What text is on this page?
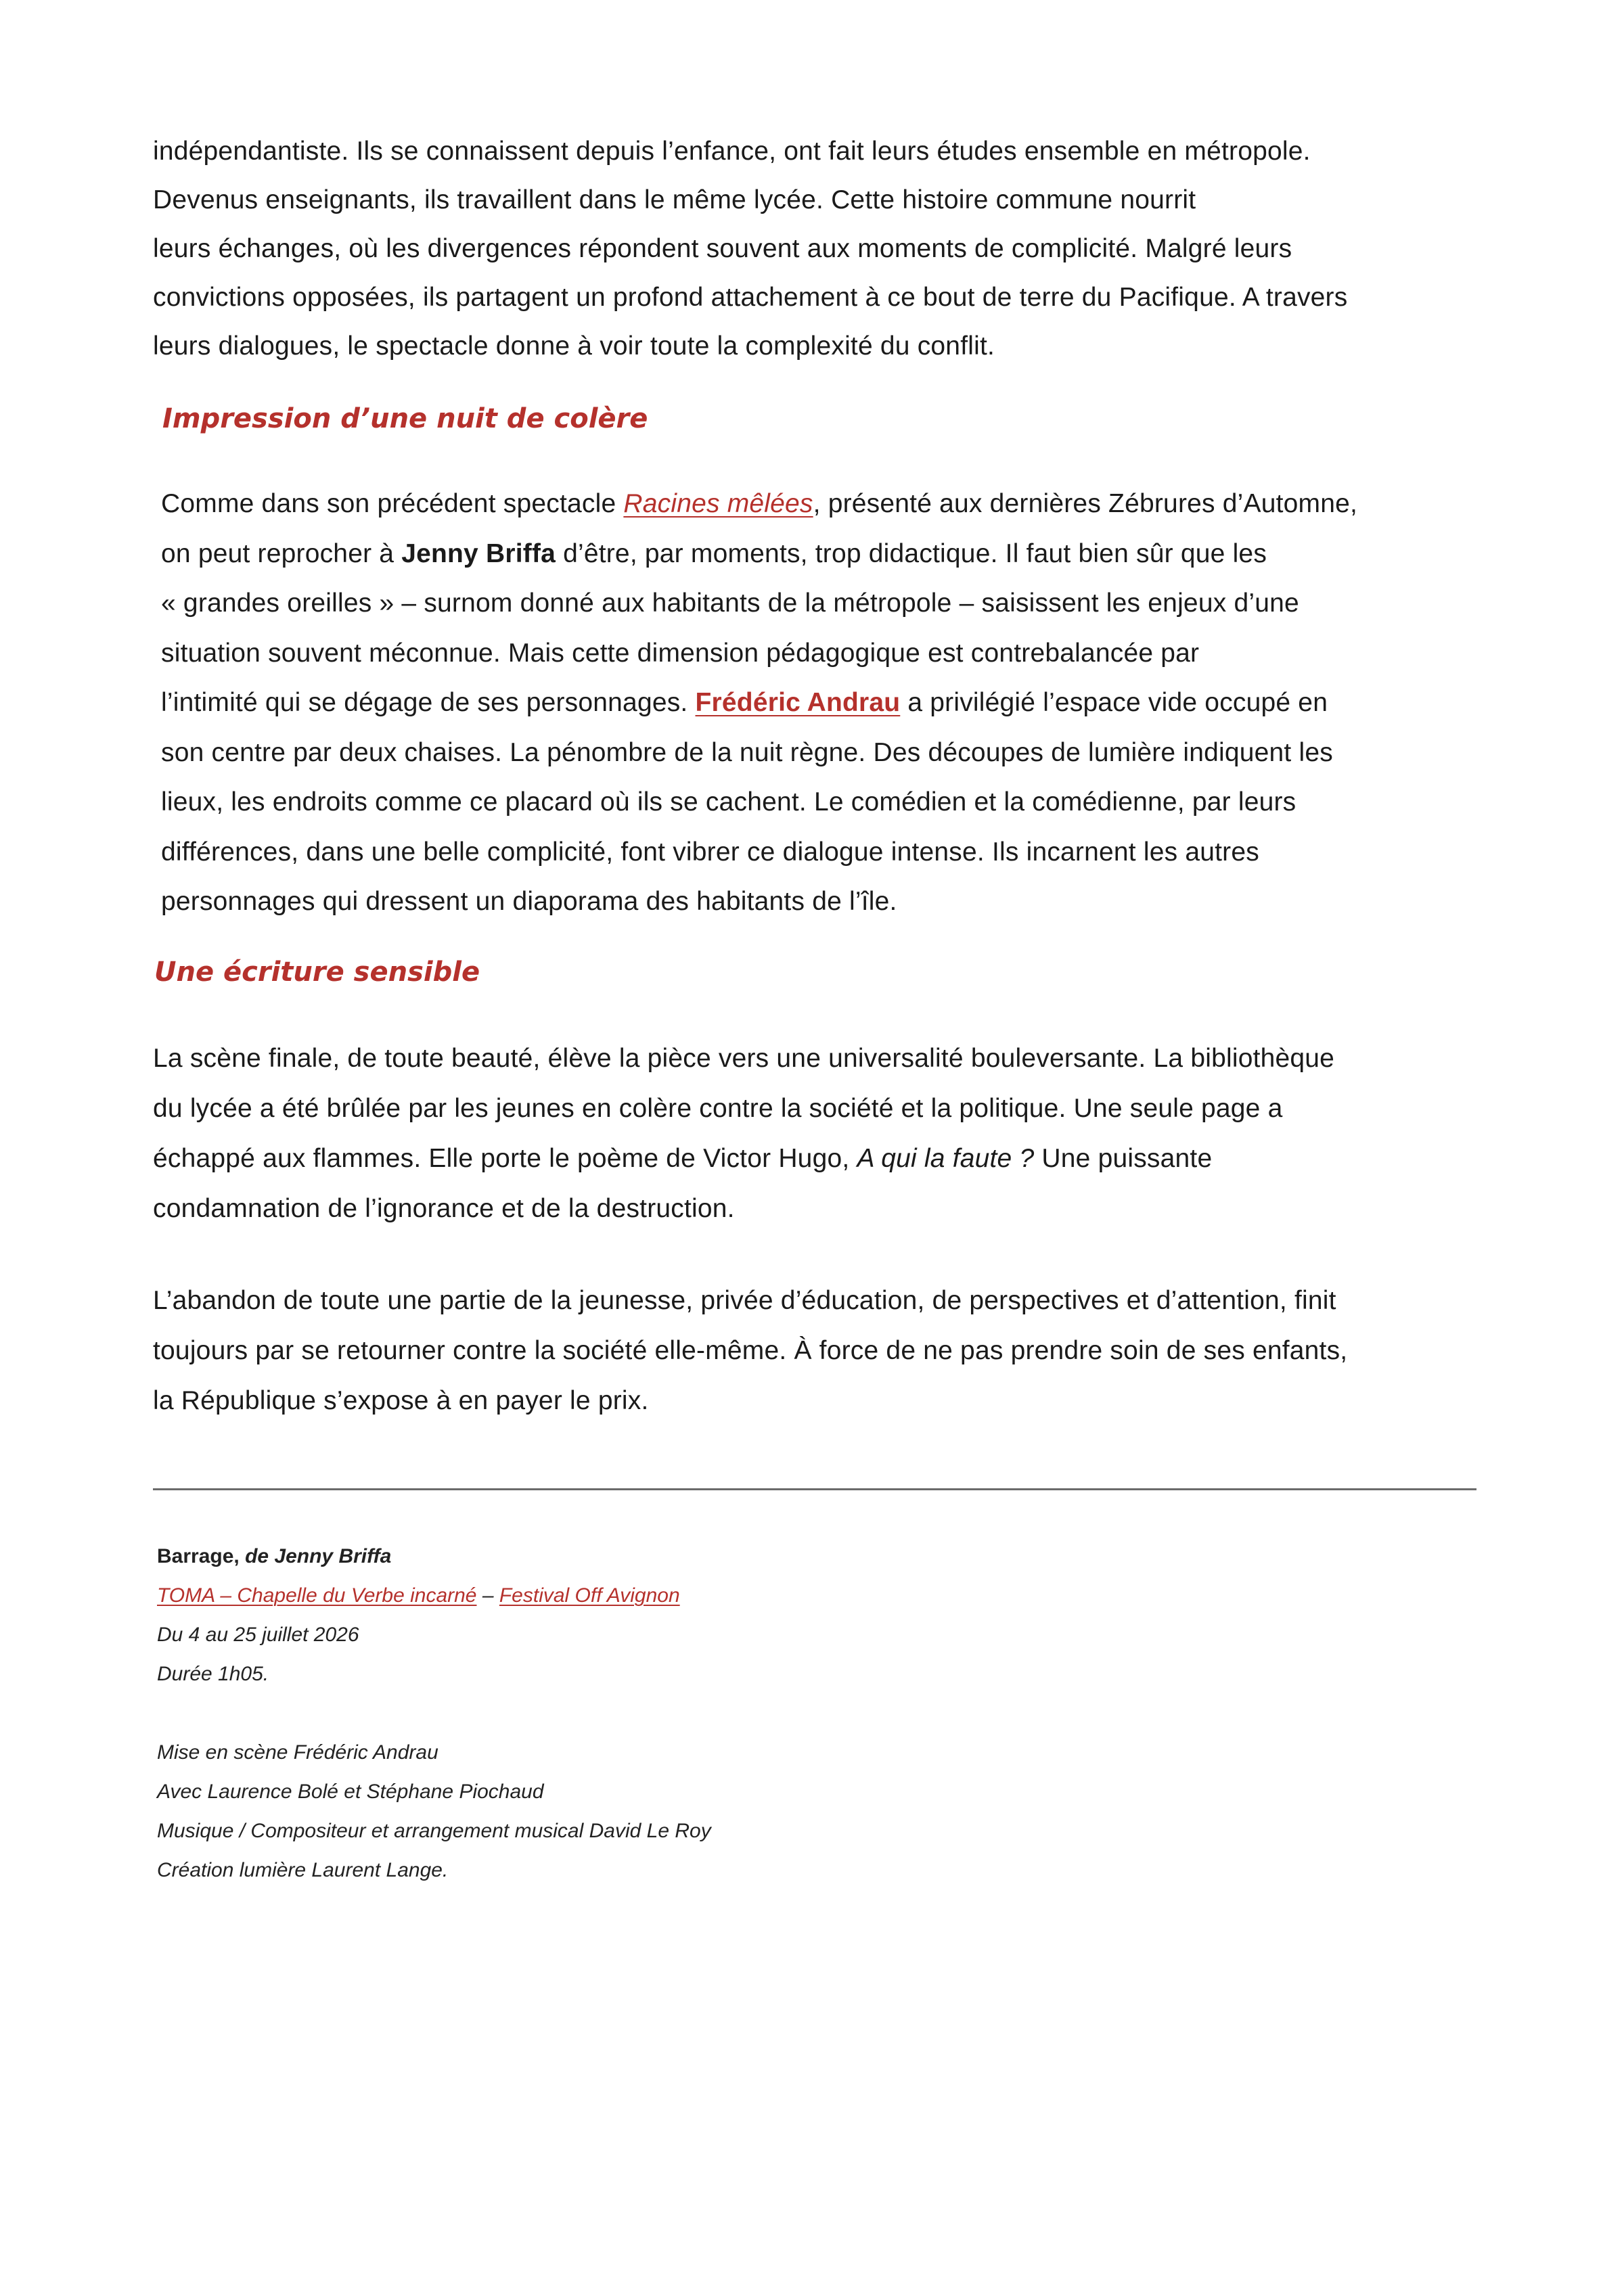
indépendantiste. Ils se connaissent depuis l’enfance, ont fait leurs études ensemble en métropole.
Devenus enseignants, ils travaillent dans le même lycée. Cette histoire commune nourrit
leurs échanges, où les divergences répondent souvent aux moments de complicité. Malgré leurs
convictions opposées, ils partagent un profond attachement à ce bout de terre du Pacifique. A travers
leurs dialogues, le spectacle donne à voir toute la complexité du conflit.
Impression d’une nuit de colère
Comme dans son précédent spectacle Racines mêlées, présenté aux dernières Zébrures d’Automne,
on peut reprocher à Jenny Briffa d’être, par moments, trop didactique. Il faut bien sûr que les
« grandes oreilles » – surnom donné aux habitants de la métropole – saisissent les enjeux d’une
situation souvent méconnue. Mais cette dimension pédagogique est contrebalancée par
l’intimité qui se dégage de ses personnages. Frédéric Andrau a privilégié l’espace vide occupé en
son centre par deux chaises. La pénombre de la nuit règne. Des découpes de lumière indiquent les
lieux, les endroits comme ce placard où ils se cachent. Le comédien et la comédienne, par leurs
différences, dans une belle complicité, font vibrer ce dialogue intense. Ils incarnent les autres
personnages qui dressent un diaporama des habitants de l’île.
Une écriture sensible
La scène finale, de toute beauté, élève la pièce vers une universalité bouleversante. La bibliothèque
du lycée a été brûlée par les jeunes en colère contre la société et la politique. Une seule page a
échappé aux flammes. Elle porte le poème de Victor Hugo, A qui la faute ? Une puissante
condamnation de l’ignorance et de la destruction.
L’abandon de toute une partie de la jeunesse, privée d’éducation, de perspectives et d’attention, finit
toujours par se retourner contre la société elle-même. À force de ne pas prendre soin de ses enfants,
la République s’expose à en payer le prix.
Barrage, de Jenny Briffa
TOMA – Chapelle du Verbe incarné – Festival Off Avignon
Du 4 au 25 juillet 2026
Durée 1h05.
Mise en scène Frédéric Andrau
Avec Laurence Bolé et Stéphane Piochaud
Musique / Compositeur et arrangement musical David Le Roy
Création lumière Laurent Lange.
